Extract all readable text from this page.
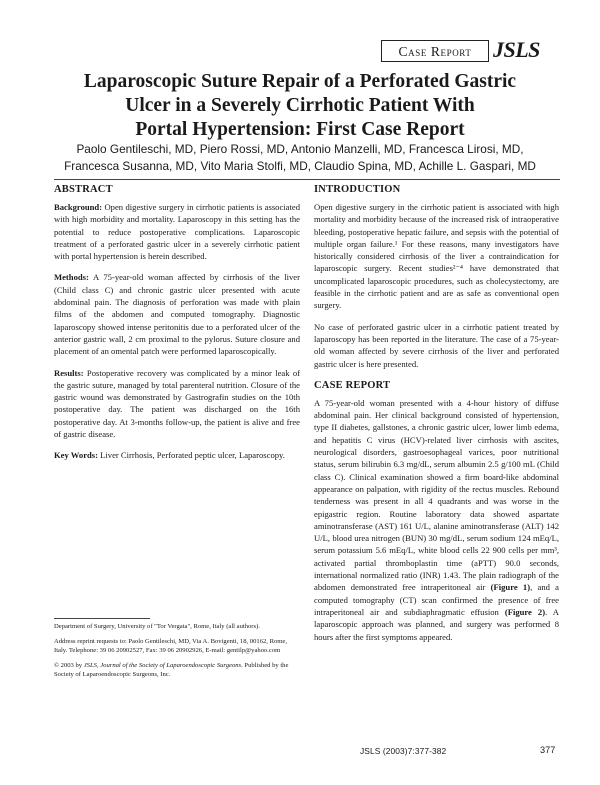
Case Report JSLS
Laparoscopic Suture Repair of a Perforated Gastric
Ulcer in a Severely Cirrhotic Patient With
Portal Hypertension: First Case Report
Paolo Gentileschi, MD, Piero Rossi, MD, Antonio Manzelli, MD, Francesca Lirosi, MD,
Francesca Susanna, MD, Vito Maria Stolfi, MD, Claudio Spina, MD, Achille L. Gaspari, MD
ABSTRACT

Background: Open digestive surgery in cirrhotic patients is associated with high morbidity and mortality. Laparoscopy in this setting has the potential to reduce postoperative complications. Laparoscopic treatment of a perforated gastric ulcer in a severely cirrhotic patient with portal hypertension is herein described.

Methods: A 75-year-old woman affected by cirrhosis of the liver (Child class C) and chronic gastric ulcer presented with acute abdominal pain. The diagnosis of perforation was made with plain films of the abdomen and computed tomography. Diagnostic laparoscopy showed intense peritonitis due to a perforated ulcer of the anterior gastric wall, 2 cm proximal to the pylorus. Suture closure and placement of an omental patch were performed laparoscopically.

Results: Postoperative recovery was complicated by a minor leak of the gastric suture, managed by total parenteral nutrition. Closure of the gastric wound was demonstrated by Gastrografin studies on the 10th postoperative day. The patient was discharged on the 16th postoperative day. At 3-months follow-up, the patient is alive and free of gastric disease.

Key Words: Liver Cirrhosis, Perforated peptic ulcer, Laparoscopy.

Department of Surgery, University of "Tor Vergata", Rome, Italy (all authors).
Address reprint requests to: Paolo Gentileschi, MD, Via A. Bovigenti, 18, 00162, Rome, Italy. Telephone: 39 06 20902527, Fax: 39 06 20902926, E-mail: gentilp@yahoo.com
© 2003 by JSLS, Journal of the Society of Laparoendoscopic Surgeons. Published by the Society of Laparoendoscopic Surgeons, Inc.
INTRODUCTION

Open digestive surgery in the cirrhotic patient is associated with high mortality and morbidity because of the increased risk of intraoperative bleeding, postoperative hepatic failure, and sepsis with the potential of multiple organ failure.¹ For these reasons, many investigators have historically considered cirrhosis of the liver a contraindication for laparoscopic surgery. Recent studies²⁻⁴ have demonstrated that uncomplicated laparoscopic procedures, such as cholecystectomy, are feasible in the cirrhotic patient and are as safe as conventional open surgery.

No case of perforated gastric ulcer in a cirrhotic patient treated by laparoscopy has been reported in the literature. The case of a 75-year-old woman affected by severe cirrhosis of the liver and perforated gastric ulcer is here presented.

CASE REPORT

A 75-year-old woman presented with a 4-hour history of diffuse abdominal pain. Her clinical background consisted of hypertension, type II diabetes, gallstones, a chronic gastric ulcer, lower limb edema, and hepatitis C virus (HCV)-related liver cirrhosis with ascites, neurological disorders, gastroesophageal varices, poor nutritional status, serum bilirubin 6.3 mg/dL, serum albumin 2.5 g/100 mL (Child class C). Clinical examination showed a firm board-like abdominal appearance on palpation, with rigidity of the rectus muscles. Rebound tenderness was present in all 4 quadrants and was worse in the epigastric region. Routine laboratory data showed aspartate aminotransferase (AST) 161 U/L, alanine aminotransferase (ALT) 142 U/L, blood urea nitrogen (BUN) 30 mg/dL, serum sodium 124 mEq/L, serum potassium 5.6 mEq/L, white blood cells 22 900 cells per mm³, activated partial thromboplastin time (aPTT) 90.0 seconds, international normalized ratio (INR) 1.43. The plain radiograph of the abdomen demonstrated free intraperitoneal air (Figure 1), and a computed tomography (CT) scan confirmed the presence of free intraperitoneal air and subdiaphragmatic effusion (Figure 2). A laparoscopic approach was planned, and surgery was performed 8 hours after the first symptoms appeared.

JSLS (2003)7:377-382	377
